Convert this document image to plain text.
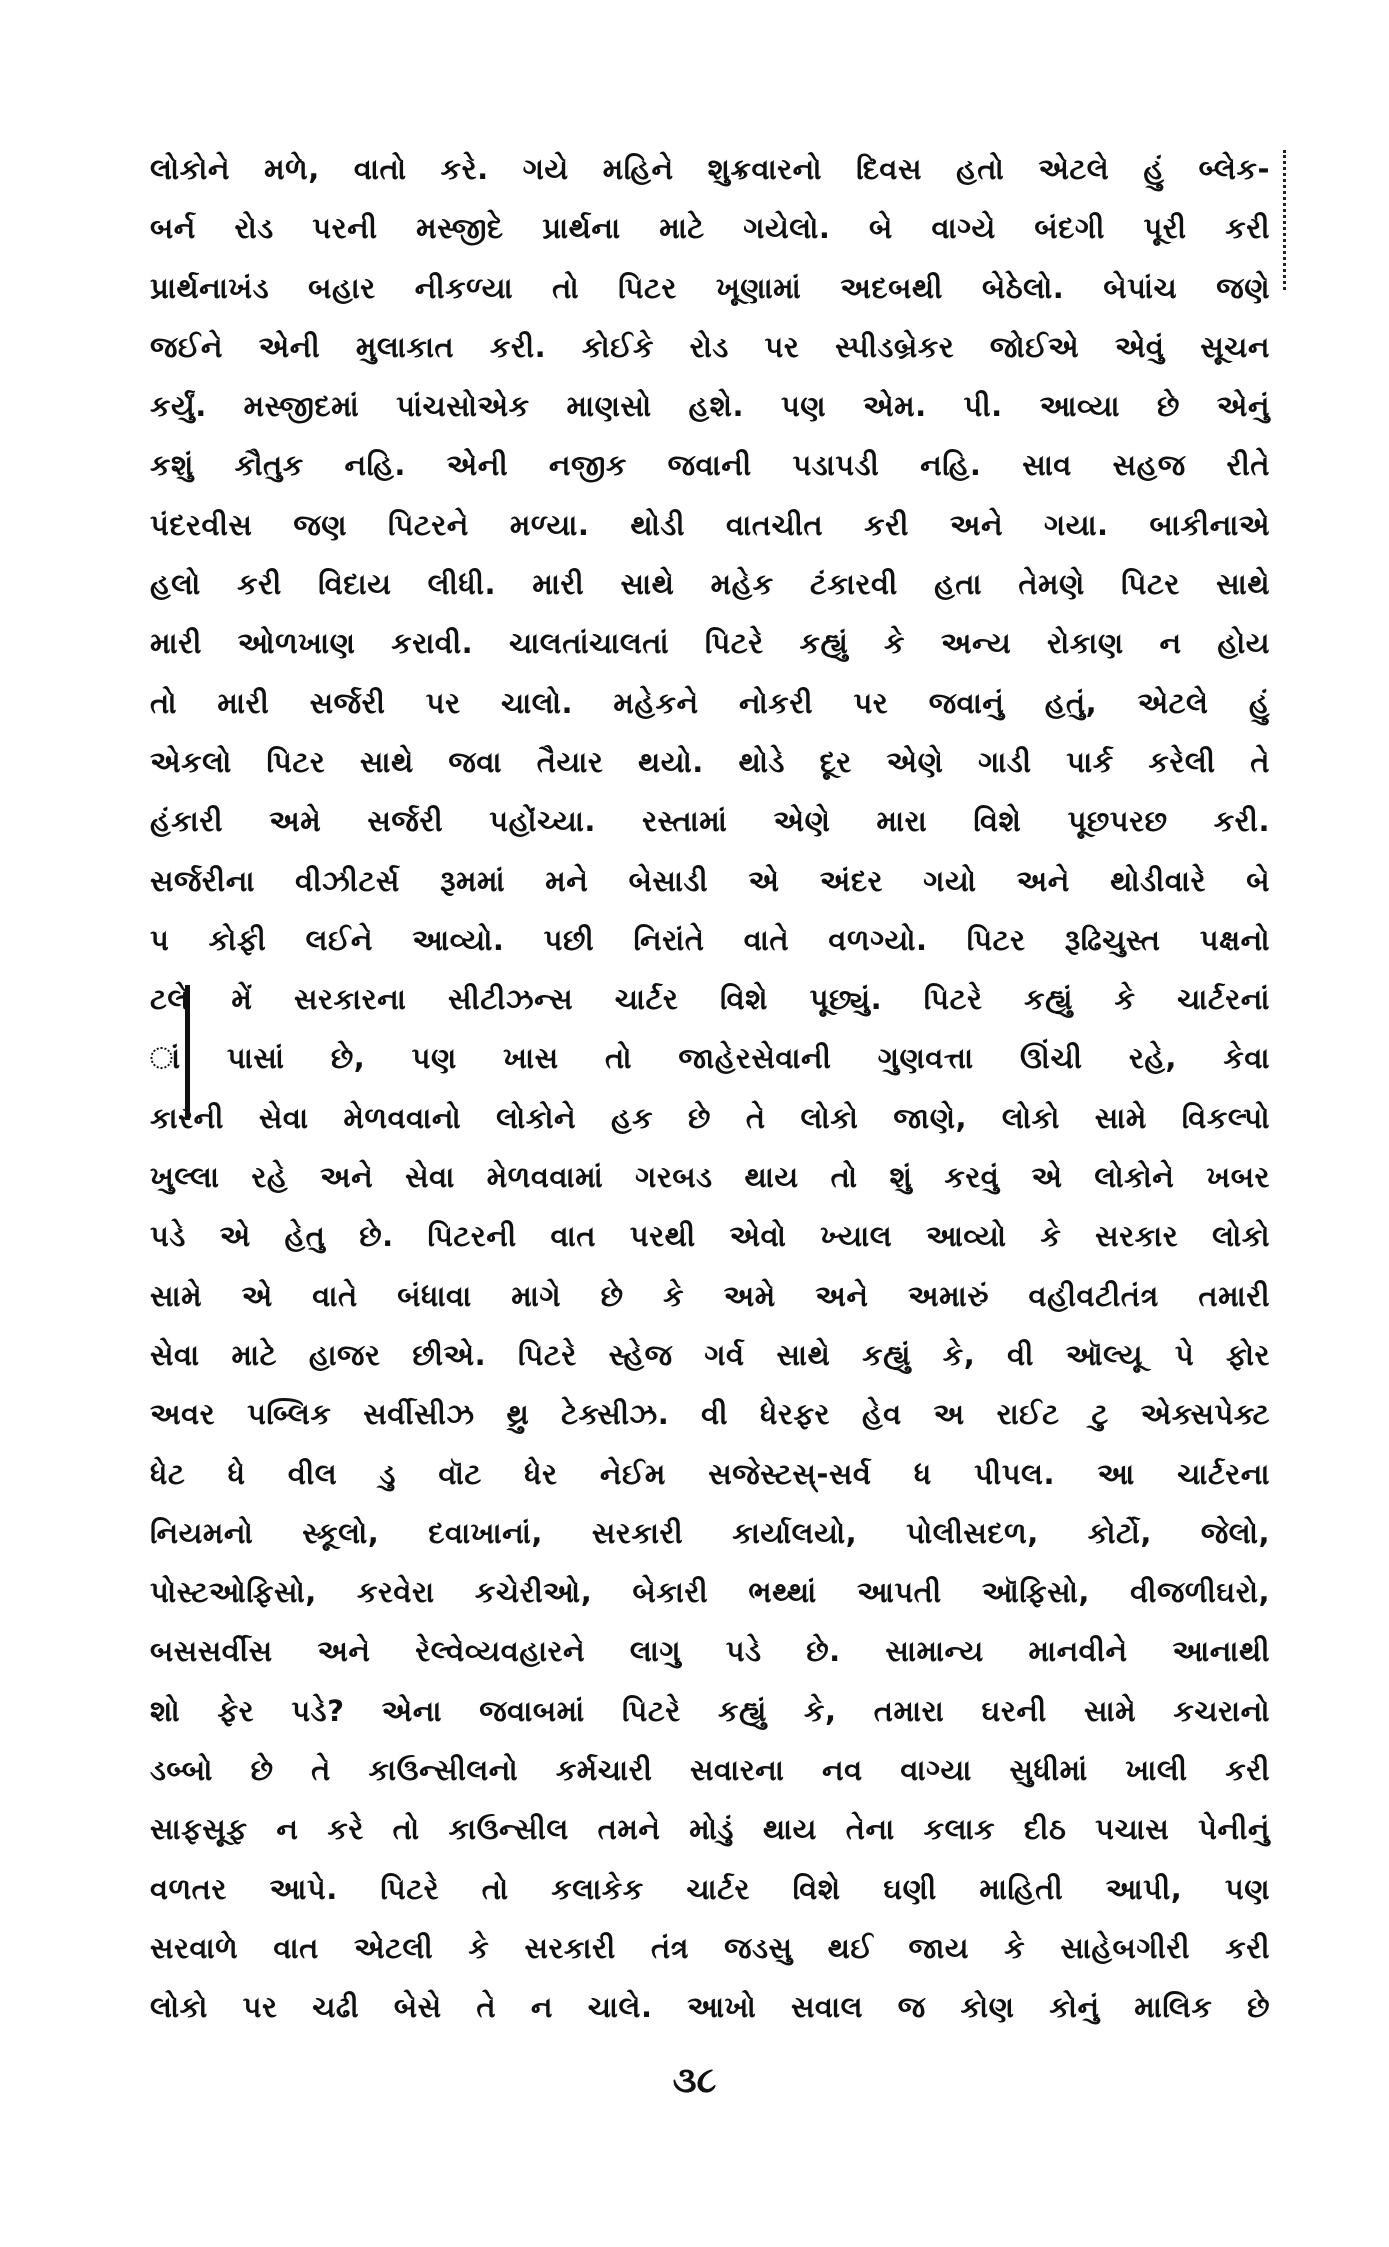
લોકોને મળે, વાતો કરે. ગયે મહિને શુક્રવારનો દિવસ હતો એટલે હું બ્લેક-
બર્ન રોડ પરની મસ્જીદે પ્રાર્થના માટે ગયેલો. બે વાગ્યે બંદગી પૂરી કરી
પ્રાર્થનાખંડ બહાર નીકળ્યા તો પિટર ખૂણામાં અદબથી બેઠેલો. બેપાંચ જણે
જઈને એની મુલાકાત કરી. કોઈકે રોડ પર સ્પીડબ્રેકર જોઈએ એવું સૂચન
કર્યું. મસ્જીદમાં પાંચસોએક માણસો હશે. પણ એમ. પી. આવ્યા છે એનું
કશું કૌતુક નહિ. એની નજીક જવાની પડાપડી નહિ. સાવ સહજ રીતે
પંદરવીસ જણ પિટરને મળ્યા. થોડી વાતચીત કરી અને ગયા. બાકીનાએ
હલો કરી વિદાય લીધી. મારી સાથે મહેક ટંકારવી હતા તેમણે પિટર સાથે
મારી ઓળખાણ કરાવી. ચાલતાંચાલતાં પિટરે કહ્યું કે અન્ય રોકાણ ન હોય
તો મારી સર્જરી પર ચાલો. મહેકને નોકરી પર જવાનું હતું, એટલે હું
એકલો પિટર સાથે જવા તૈયાર થયો. થોડે દૂર એણે ગાડી પાર્ક કરેલી તે
હંકારી અમે સર્જરી પહોંચ્યા. રસ્તામાં એણે મારા વિશે પૂછપરછ કરી.
સર્જરીના વીઝીટર્સ રૂમમાં મને બેસાડી એ અંદર ગયો અને થોડીવારે બે
પ કોફી લઈને આવ્યો. પછી નિરાંતે વાતે વળગ્યો. પિટર રૂઢિચુસ્ત પક્ષનો
ટલે મેં સરકારના સીટીઝન્સ ચાર્ટર વિશે પૂછ્યું. પિટરે કહ્યું કે ચાર્ટરનાં
ાં પાસાં છે, પણ ખાસ તો જાહેરસેવાની ગુણવત્તા ઊંચી રહે, કેવા
કારની સેવા મેળવવાનો લોકોને હક છે તે લોકો જાણે, લોકો સામે વિકલ્પો
ખુલ્લા રહે અને સેવા મેળવવામાં ગરબડ થાય તો શું કરવું એ લોકોને ખબર
પડે એ હેતુ છે. પિટરની વાત પરથી એવો ખ્યાલ આવ્યો કે સરકાર લોકો
સામે એ વાતે બંધાવા માગે છે કે અમે અને અમારું વહીવટીતંત્ર તમારી
સેવા માટે હાજર છીએ. પિટરે સ્હેજ ગર્વ સાથે કહ્યું કે, વી ઑલ્યૂ પે ફોર
અવર પબ્લિક સર્વીસીઝ થ્રુ ટેક્સીઝ. વી ધેરફર હેવ અ રાઈટ ટુ એક્સપેક્ટ
ધેટ ધે વીલ ડુ વૉટ ધેર નેઈમ સજેસ્ટસ્-સર્વ ધ પીપલ. આ ચાર્ટરના
નિયમનો સ્કૂલો, દવાખાનાં, સરકારી કાર્યાલયો, પોલીસદળ, કોર્ટો, જેલો,
પોસ્ટઓફિસો, કરવેરા કચેરીઓ, બેકારી ભથ્થાં આપતી ઑફિસો, વીજળીઘરો,
બસસર્વીસ અને રેલ્વેવ્યવહારને લાગુ પડે છે. સામાન્ય માનવીને આનાથી
શો ફેર પડે? એના જવાબમાં પિટરે કહ્યું કે, તમારા ઘરની સામે કચરાનો
ડબ્બો છે તે કાઉન્સીલનો કર્મચારી સવારના નવ વાગ્યા સુધીમાં ખાલી કરી
સાફસૂફ ન કરે તો કાઉન્સીલ તમને મોડું થાય તેના કલાક દીઠ પચાસ પેનીનું
વળતર આપે. પિટરે તો કલાકેક ચાર્ટર વિશે ઘણી માહિતી આપી, પણ
સરવાળે વાત એટલી કે સરકારી તંત્ર જડસુ થઈ જાય કે સાહેબગીરી કરી
લોકો પર ચઢી બેસે તે ન ચાલે. આખો સવાલ જ કોણ કોનું માલિક છે
૩૮
